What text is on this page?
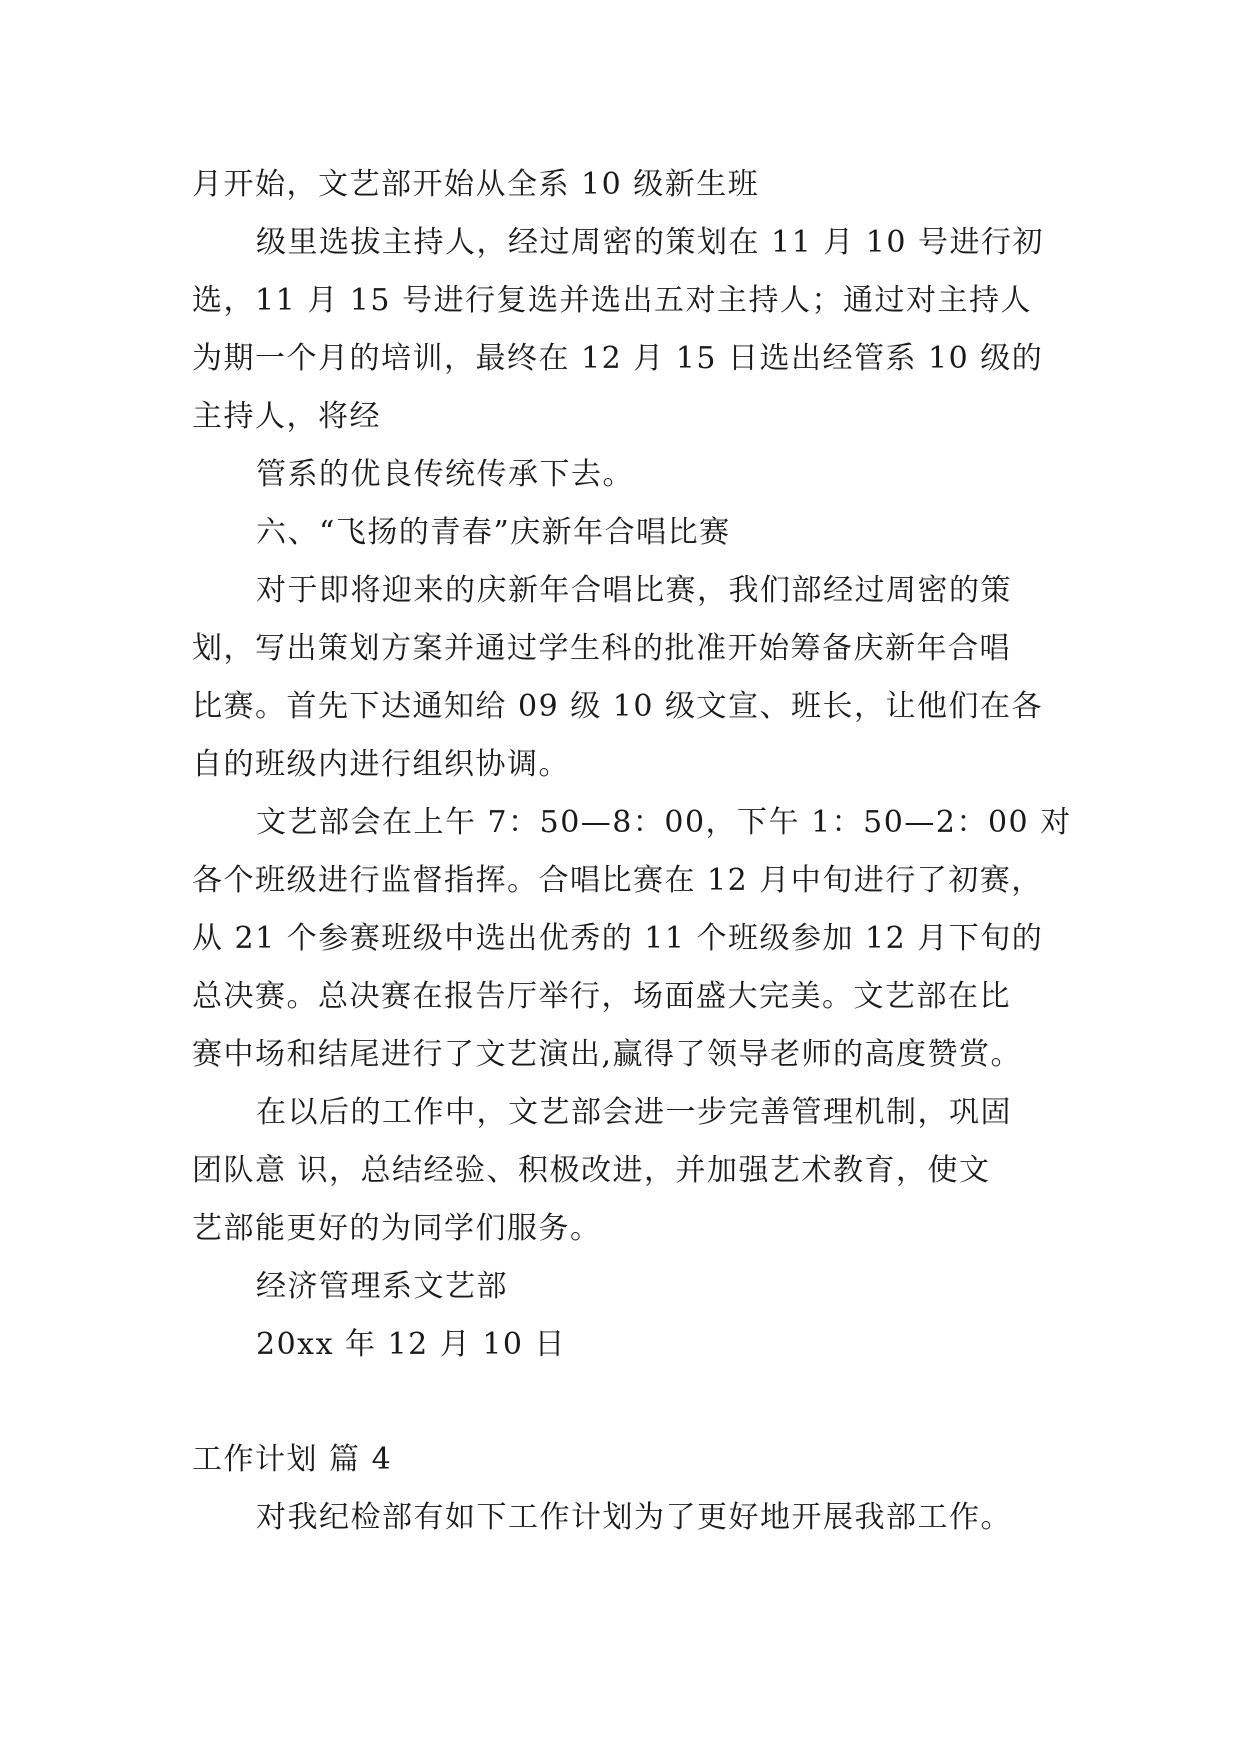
月开始，文艺部开始从全系 10 级新生班
级里选拔主持人，经过周密的策划在 11 月 10 号进行初
选，11 月 15 号进行复选并选出五对主持人；通过对主持人
为期一个月的培训，最终在 12 月 15 日选出经管系 10 级的
主持人，将经
管系的优良传统传承下去。
六、“飞扬的青春”庆新年合唱比赛
对于即将迎来的庆新年合唱比赛，我们部经过周密的策
划，写出策划方案并通过学生科的批准开始筹备庆新年合唱
比赛。首先下达通知给 09 级 10 级文宣、班长，让他们在各
自的班级内进行组织协调。
文艺部会在上午 7：50—8：00，下午 1：50—2：00 对
各个班级进行监督指挥。合唱比赛在 12 月中旬进行了初赛，
从 21 个参赛班级中选出优秀的 11 个班级参加 12 月下旬的
总决赛。总决赛在报告厅举行，场面盛大完美。文艺部在比
赛中场和结尾进行了文艺演出,赢得了领导老师的高度赞赏。
在以后的工作中，文艺部会进一步完善管理机制，巩固
团队意 识，总结经验、积极改进，并加强艺术教育，使文
艺部能更好的为同学们服务。
经济管理系文艺部
20xx 年 12 月 10 日
工作计划 篇 4
对我纪检部有如下工作计划为了更好地开展我部工作。
